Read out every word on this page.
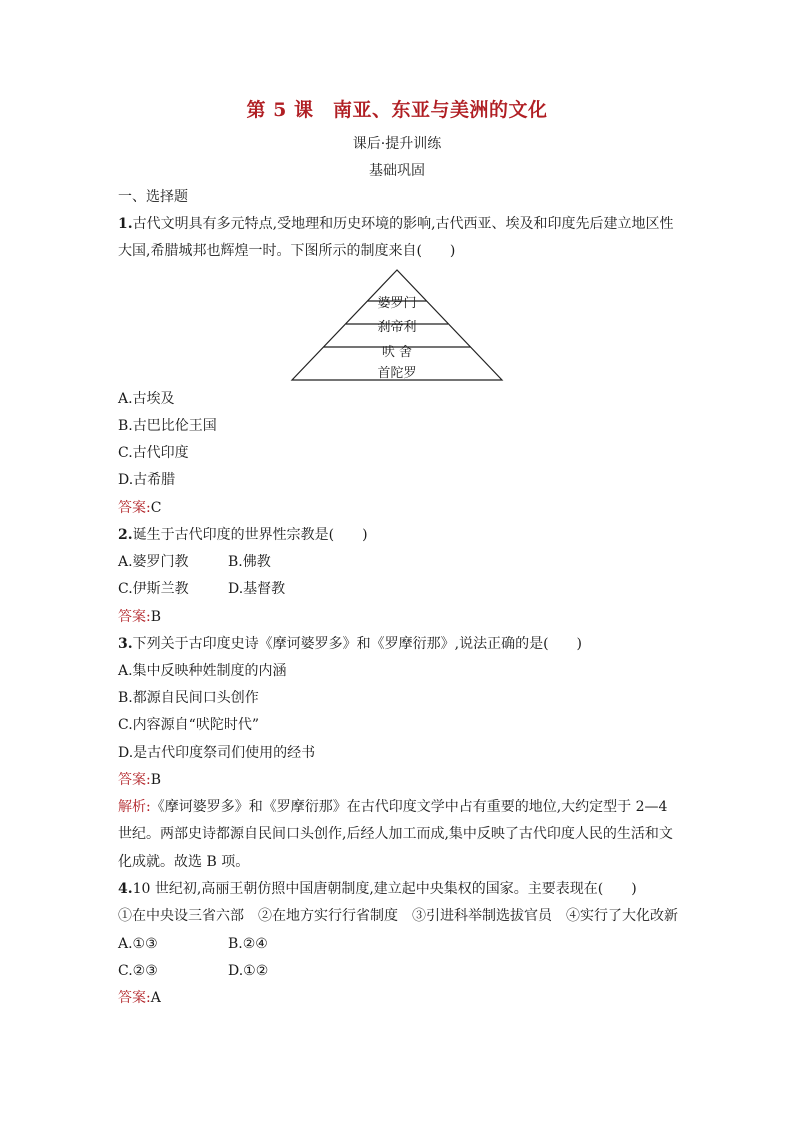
第 5 课　南亚、东亚与美洲的文化
课后·提升训练
基础巩固
一、选择题
1.古代文明具有多元特点,受地理和历史环境的影响,古代西亚、埃及和印度先后建立地区性
大国,希腊城邦也辉煌一时。下图所示的制度来自(　　)
婆罗门
刹帝利
吠 舍
首陀罗
A.古埃及
B.古巴比伦王国
C.古代印度
D.古希腊
答案:C
2.诞生于古代印度的世界性宗教是(　　)
A.婆罗门教	B.佛教
C.伊斯兰教	D.基督教
答案:B
3.下列关于古印度史诗《摩诃婆罗多》和《罗摩衍那》,说法正确的是(　　)
A.集中反映种姓制度的内涵
B.都源自民间口头创作
C.内容源自“吠陀时代”
D.是古代印度祭司们使用的经书
答案:B
解析:《摩诃婆罗多》和《罗摩衍那》在古代印度文学中占有重要的地位,大约定型于 2—4
世纪。两部史诗都源自民间口头创作,后经人加工而成,集中反映了古代印度人民的生活和文
化成就。故选 B 项。
4.10 世纪初,高丽王朝仿照中国唐朝制度,建立起中央集权的国家。主要表现在(　　)
①在中央设三省六部　②在地方实行行省制度　③引进科举制选拔官员　④实行了大化改新
A.①③	B.②④
C.②③	D.①②
答案:A
